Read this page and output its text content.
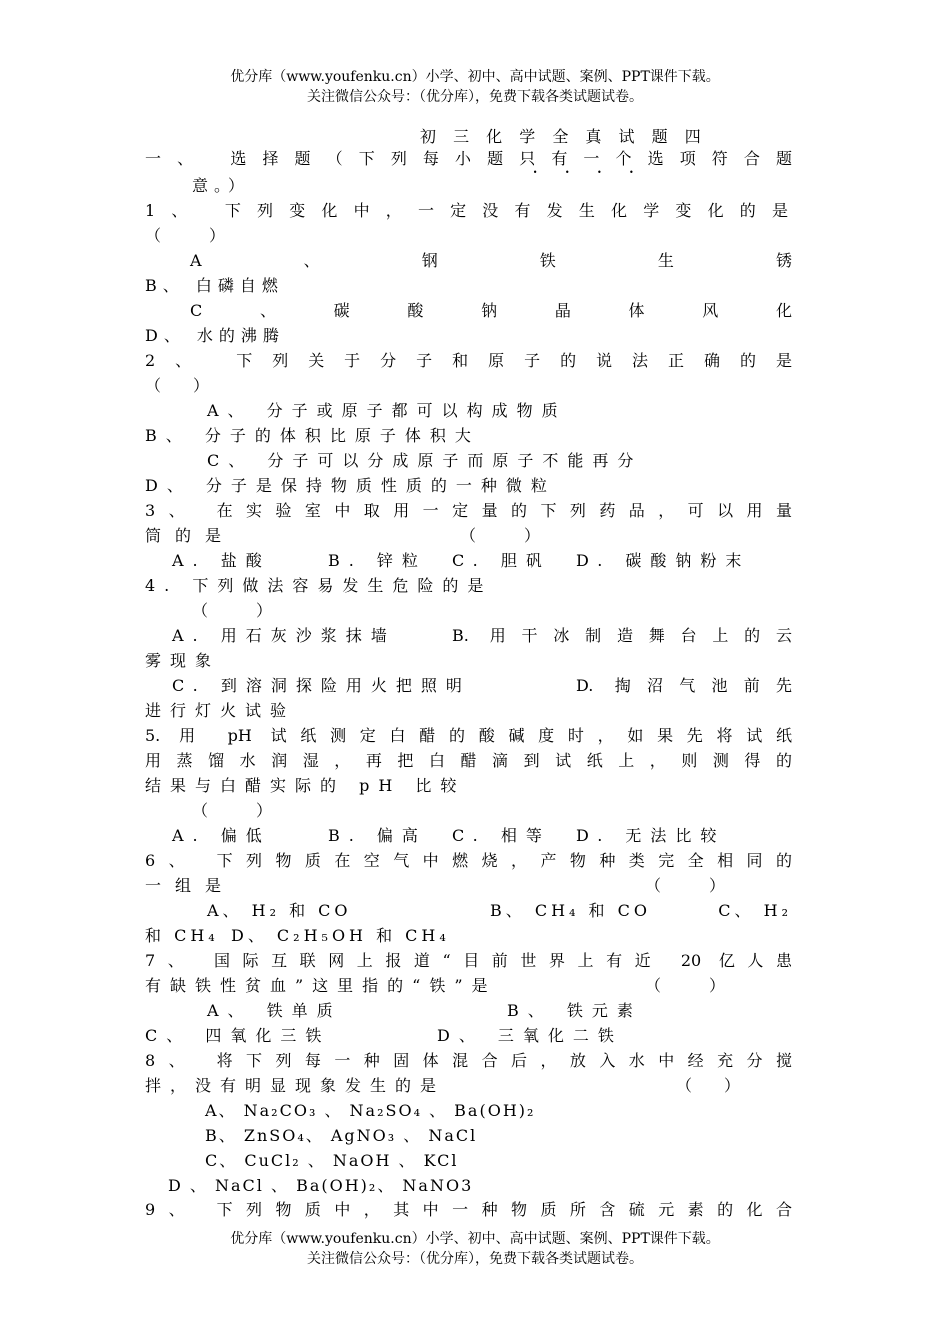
优分库（www.youfenku.cn）小学、初中、高中试题、案例、PPT课件下载。
关注微信公众号：（优分库），免费下载各类试题试卷。
初 三 化 学 全 真 试 题 四
一、 选择题（下列每小题只有一个选项符合题
意。）
1、 下列变化中，一定没有发生化学变化的是
（　　　）
A	、	钢	铁	生	锈
B、 白磷自燃
C	、	碳	酸	钠	晶	体	风	化
D、 水的沸腾
2、 下列关于分子和原子的说法正确的是
（　　）
A、 分子或原子都可以构成物质
B、 分子的体积比原子体积大
C、 分子可以分成原子而原子不能再分
D、 分子是保持物质性质的一种微粒
3、 在实验室中取用一定量的下列药品，可以用量
筒的是	（　　　）
A. 盐酸	B. 锌粒 C. 胆矾 D. 碳酸钠粉末
4. 下列做法容易发生危险的是
（　　　）
A. 用石灰沙浆抹墙	B. 用干冰制造舞台上的云
雾现象
C. 到溶洞探险用火把照明	D. 掏沼气池前先
进行灯火试验
5. 用 pH 试纸测定白醋的酸碱度时，如果先将试纸
用蒸馏水润湿，再把白醋滴到试纸上，则测得的
结果与白醋实际的 pH 比较
（　　　）
A. 偏低	B. 偏高 C. 相等 D. 无法比较
6、 下列物质在空气中燃烧，产物种类完全相同的
一组是	（　　　）
A、 H₂ 和 CO	B、 CH₄ 和 CO	C、 H₂
和 CH₄ D、 C₂H₅OH 和 CH₄
7、 国际互联网上报道“目前世界上有近 20 亿人患
有缺铁性贫血”这里指的“铁”是	（　　　）
A、 铁单质	B、 铁元素
C、 四氧化三铁	D、 三氧化二铁
8、 将下列每一种固体混合后，放入水中经充分搅
拌，没有明显现象发生的是	（　　）
A、 Na₂CO₃ 、 Na₂SO₄ 、 Ba(OH)₂
B、 ZnSO₄、 AgNO₃ 、 NaCl
C、 CuCl₂ 、 NaOH 、 KCl
D 、 NaCl 、 Ba(OH)₂、 NaNO3
9、 下列物质中，其中一种物质所含硫元素的化合
优分库（www.youfenku.cn）小学、初中、高中试题、案例、PPT课件下载。
关注微信公众号：（优分库），免费下载各类试题试卷。
